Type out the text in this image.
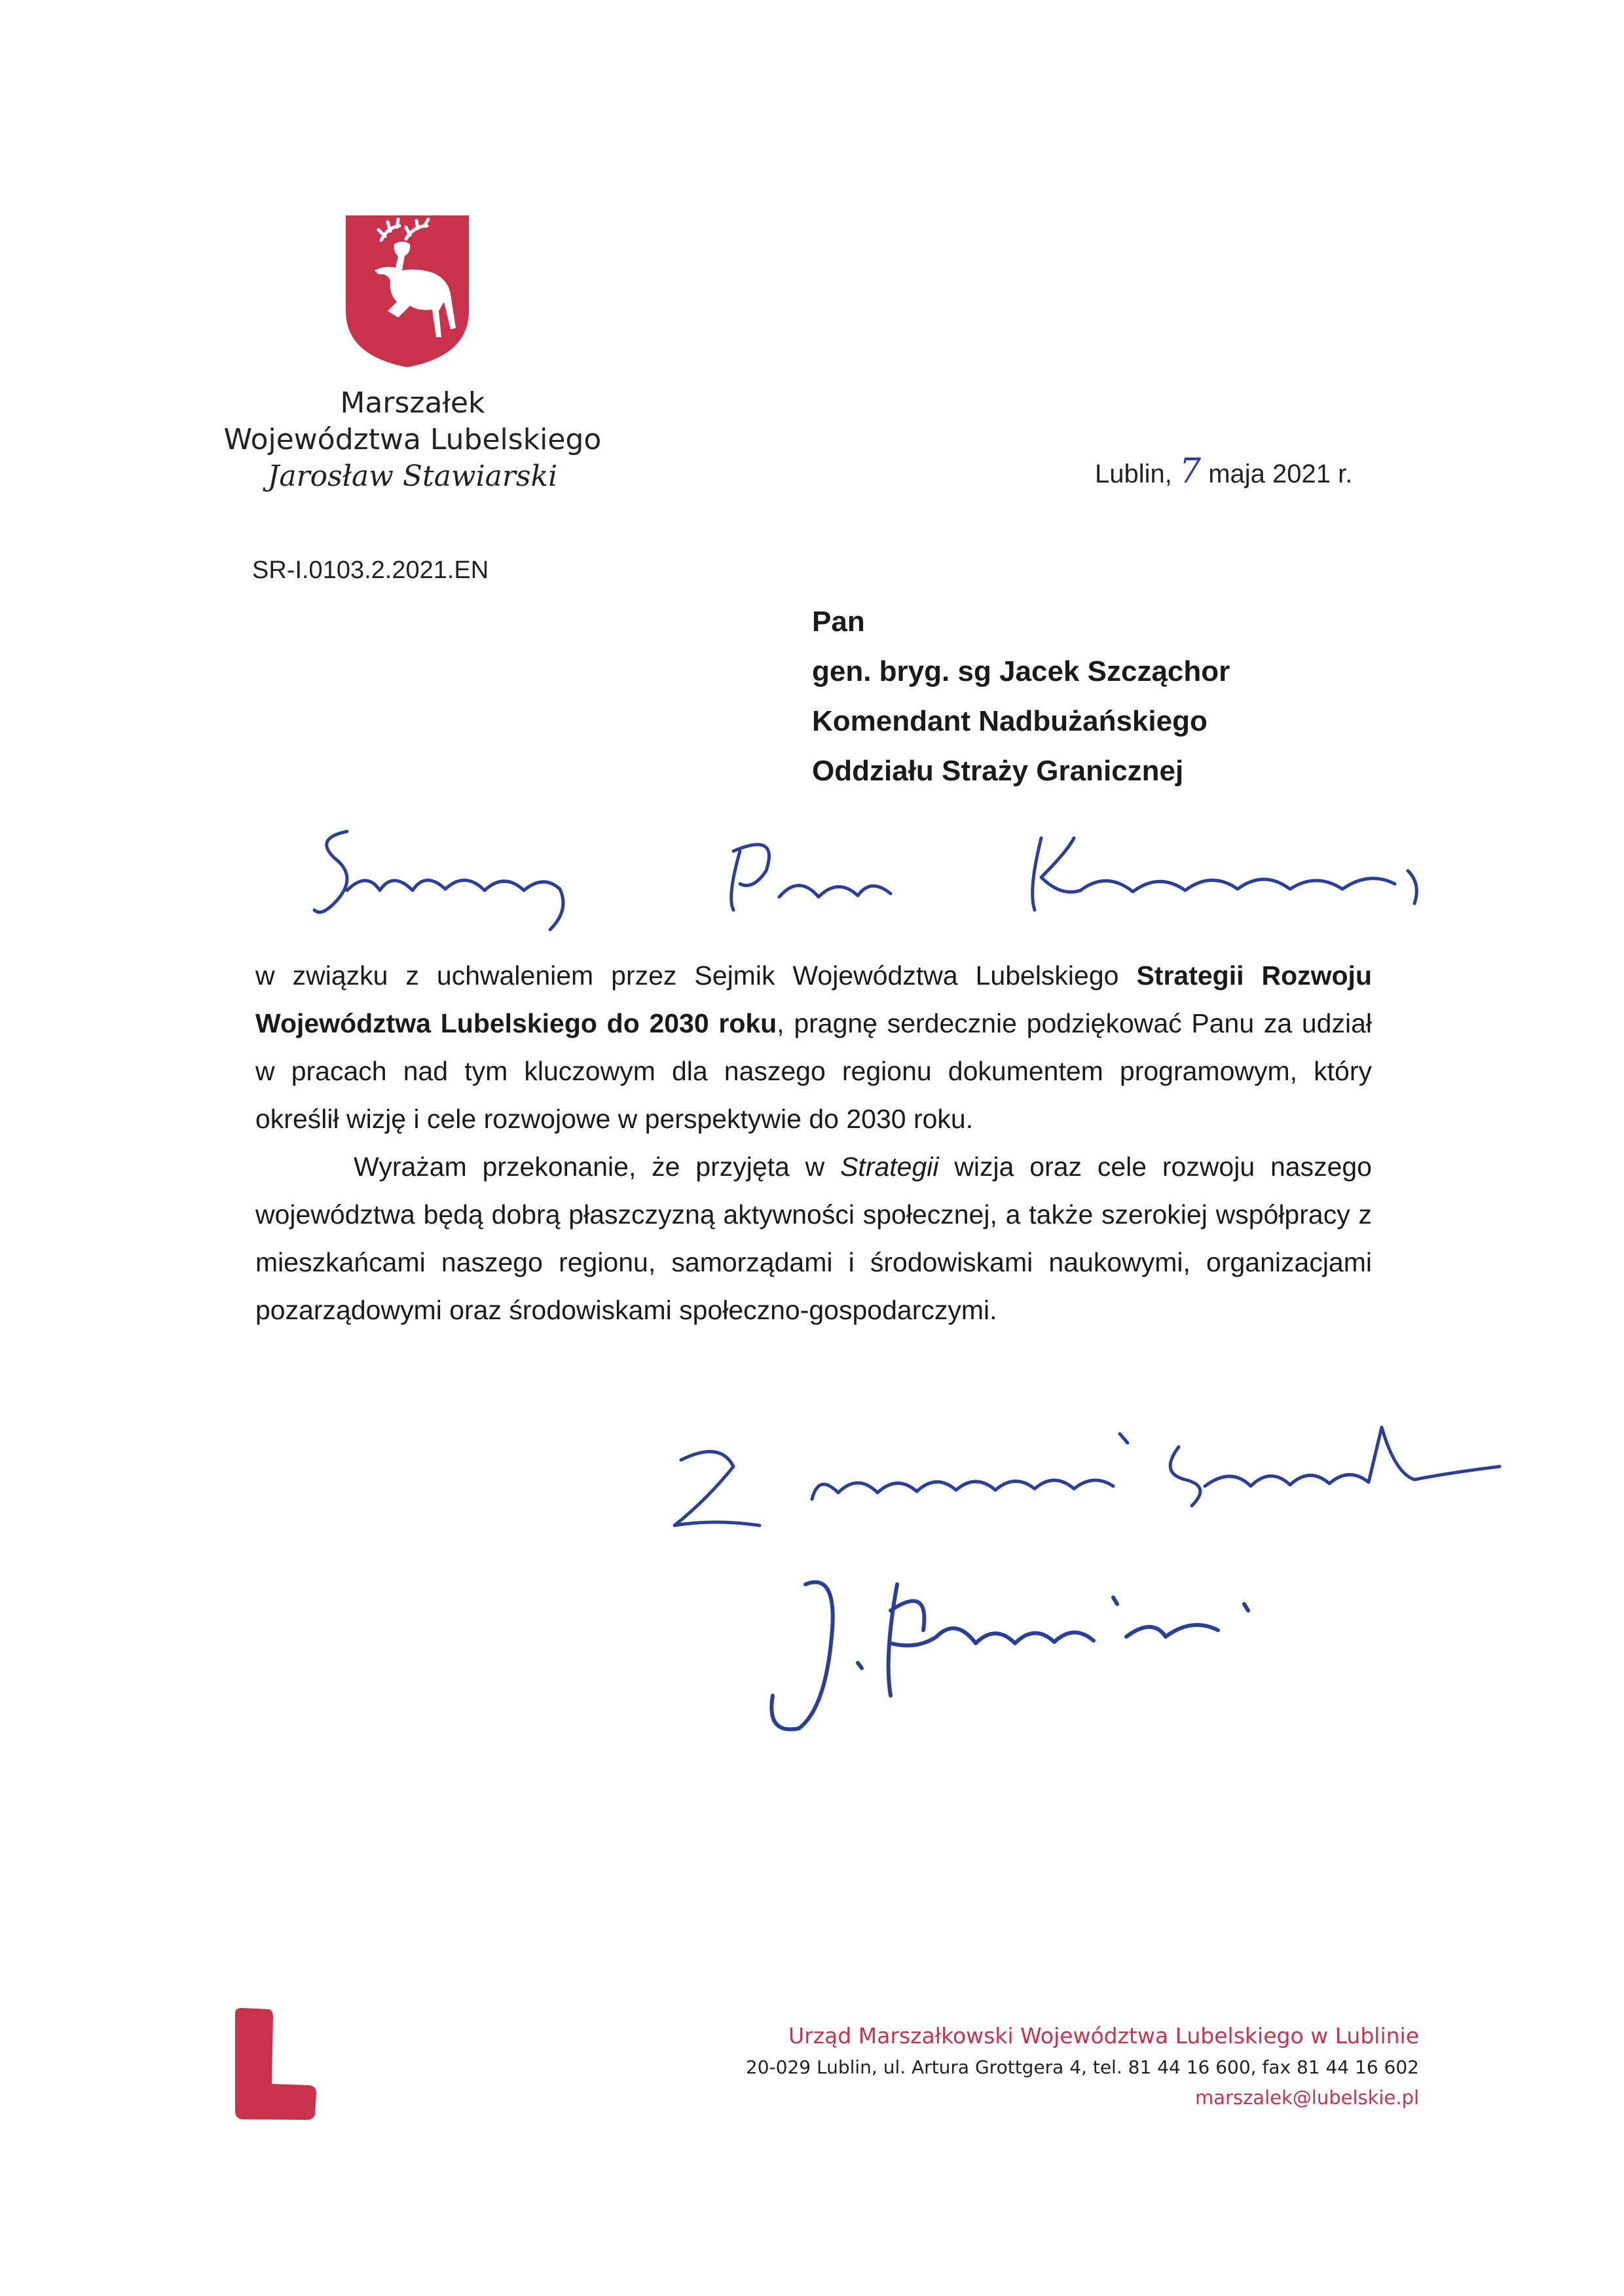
Marszałek
Województwa Lubelskiego
Jarosław Stawiarski	Lublin, 7 maja 2021 r.
SR-I.0103.2.2021.EN
Pan
gen. bryg. sg Jacek Szcząchor
Komendant Nadbużańskiego
Oddziału Straży Granicznej

w związku z uchwaleniem przez Sejmik Województwa Lubelskiego Strategii Rozwoju Województwa Lubelskiego do 2030 roku, pragnę serdecznie podziękować Panu za udział w pracach nad tym kluczowym dla naszego regionu dokumentem programowym, który określił wizję i cele rozwojowe w perspektywie do 2030 roku.

Wyrażam przekonanie, że przyjęta w Strategii wizja oraz cele rozwoju naszego województwa będą dobrą płaszczyzną aktywności społecznej, a także szerokiej współpracy z mieszkańcami naszego regionu, samorządami i środowiskami naukowymi, organizacjami pozarządowymi oraz środowiskami społeczno-gospodarczymi.

Urząd Marszałkowski Województwa Lubelskiego w Lublinie
20-029 Lublin, ul. Artura Grottgera 4, tel. 81 44 16 600, fax 81 44 16 602
marszalek@lubelskie.pl
